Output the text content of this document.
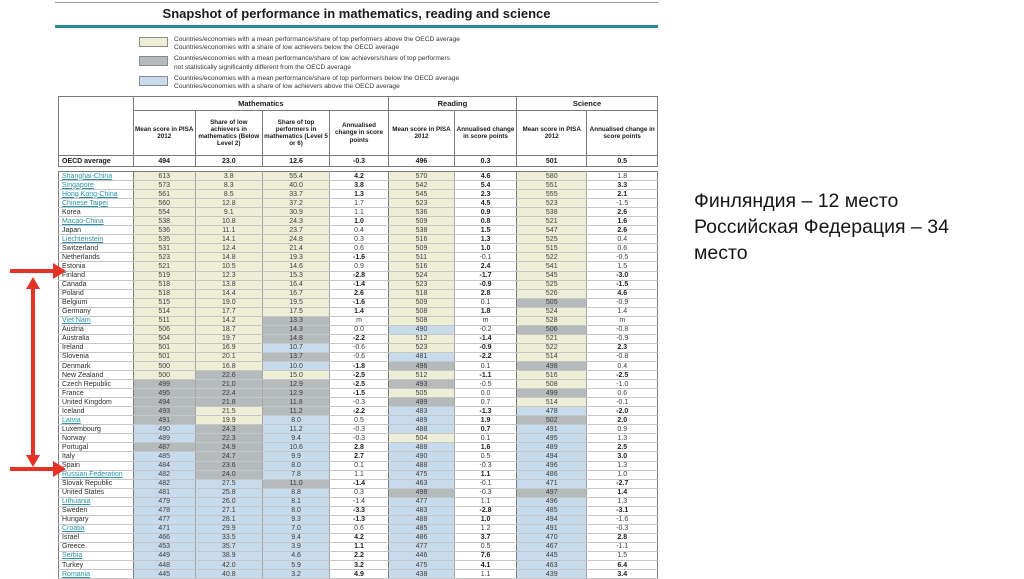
Snapshot of performance in mathematics, reading and science
Countries/economies with a mean performance/share of top performers above the OECD average
Countries/economies with a share of low achievers below the OECD average
Countries/economies with a mean performance/share of low achievers/share of top performers
not statistically significantly different from the OECD average
Countries/economies with a mean performance/share of top performers below the OECD average
Countries/economies with a share of low achievers above the OECD average
	Mathematics				Reading		Science	
	Mean score in PISA 2012	Share of low achievers in mathematics (Below Level 2)	Share of top performers in mathematics (Level 5 or 6)	Annualised change in score points	Mean score in PISA 2012	Annualised change in score points	Mean score in PISA 2012	Annualised change in score points
OECD average	494	23.0	12.6	-0.3	496	0.3	501	0.5
Shanghai-China	613	3.8	55.4	4.2	570	4.6	580	1.8
Singapore	573	8.3	40.0	3.8	542	5.4	551	3.3
Hong Kong-China	561	8.5	33.7	1.3	545	2.3	555	2.1
Chinese Taipei	560	12.8	37.2	1.7	523	4.5	523	-1.5
Korea	554	9.1	30.9	1.1	536	0.9	538	2.6
Macao-China	538	10.8	24.3	1.0	509	0.8	521	1.6
Japan	536	11.1	23.7	0.4	538	1.5	547	2.6
Liechtenstein	535	14.1	24.8	0.3	516	1.3	525	0.4
Switzerland	531	12.4	21.4	0.6	509	1.0	515	0.6
Netherlands	523	14.8	19.3	-1.6	511	-0.1	522	-0.5
Estonia	521	10.5	14.6	0.9	516	2.4	541	1.5
Finland	519	12.3	15.3	-2.8	524	-1.7	545	-3.0
Canada	518	13.8	16.4	-1.4	523	-0.9	525	-1.5
Poland	518	14.4	16.7	2.6	518	2.8	526	4.6
Belgium	515	19.0	19.5	-1.6	509	0.1	505	-0.9
Germany	514	17.7	17.5	1.4	508	1.8	524	1.4
Viet Nam	511	14.2	13.3	m	508	m	528	m
Austria	506	18.7	14.3	0.0	490	-0.2	506	-0.8
Australia	504	19.7	14.8	-2.2	512	-1.4	521	-0.9
Ireland	501	16.9	10.7	-0.6	523	-0.9	522	2.3
Slovenia	501	20.1	13.7	-0.6	481	-2.2	514	-0.8
Denmark	500	16.8	10.0	-1.8	496	0.1	498	0.4
New Zealand	500	22.6	15.0	-2.5	512	-1.1	516	-2.5
Czech Republic	499	21.0	12.9	-2.5	493	-0.5	508	-1.0
France	495	22.4	12.9	-1.5	505	0.0	499	0.6
United Kingdom	494	21.8	11.8	-0.3	499	0.7	514	-0.1
Iceland	493	21.5	11.2	-2.2	483	-1.3	478	-2.0
Latvia	491	19.9	8.0	0.5	489	1.9	502	2.0
Luxembourg	490	24.3	11.2	-0.3	488	0.7	491	0.9
Norway	489	22.3	9.4	-0.3	504	0.1	495	1.3
Portugal	487	24.9	10.6	2.8	488	1.6	489	2.5
Italy	485	24.7	9.9	2.7	490	0.5	494	3.0
Spain	484	23.6	8.0	0.1	488	-0.3	496	1.3
Russian Federation	482	24.0	7.8	1.1	475	1.1	486	1.0
Slovak Republic	482	27.5	11.0	-1.4	463	-0.1	471	-2.7
United States	481	25.8	8.8	0.3	498	-0.3	497	1.4
Lithuania	479	26.0	8.1	-1.4	477	1.1	496	1.3
Sweden	478	27.1	8.0	-3.3	483	-2.8	485	-3.1
Hungary	477	28.1	9.3	-1.3	488	1.0	494	-1.6
Croatia	471	29.9	7.0	0.6	485	1.2	491	-0.3
Israel	466	33.5	9.4	4.2	486	3.7	470	2.8
Greece	453	35.7	3.9	1.1	477	0.5	467	-1.1
Serbia	449	38.9	4.6	2.2	446	7.6	445	1.5
Turkey	448	42.0	5.9	3.2	475	4.1	463	6.4
Romania	445	40.8	3.2	4.9	438	1.1	439	3.4
Финляндия – 12 место
Российская Федерация – 34 место
